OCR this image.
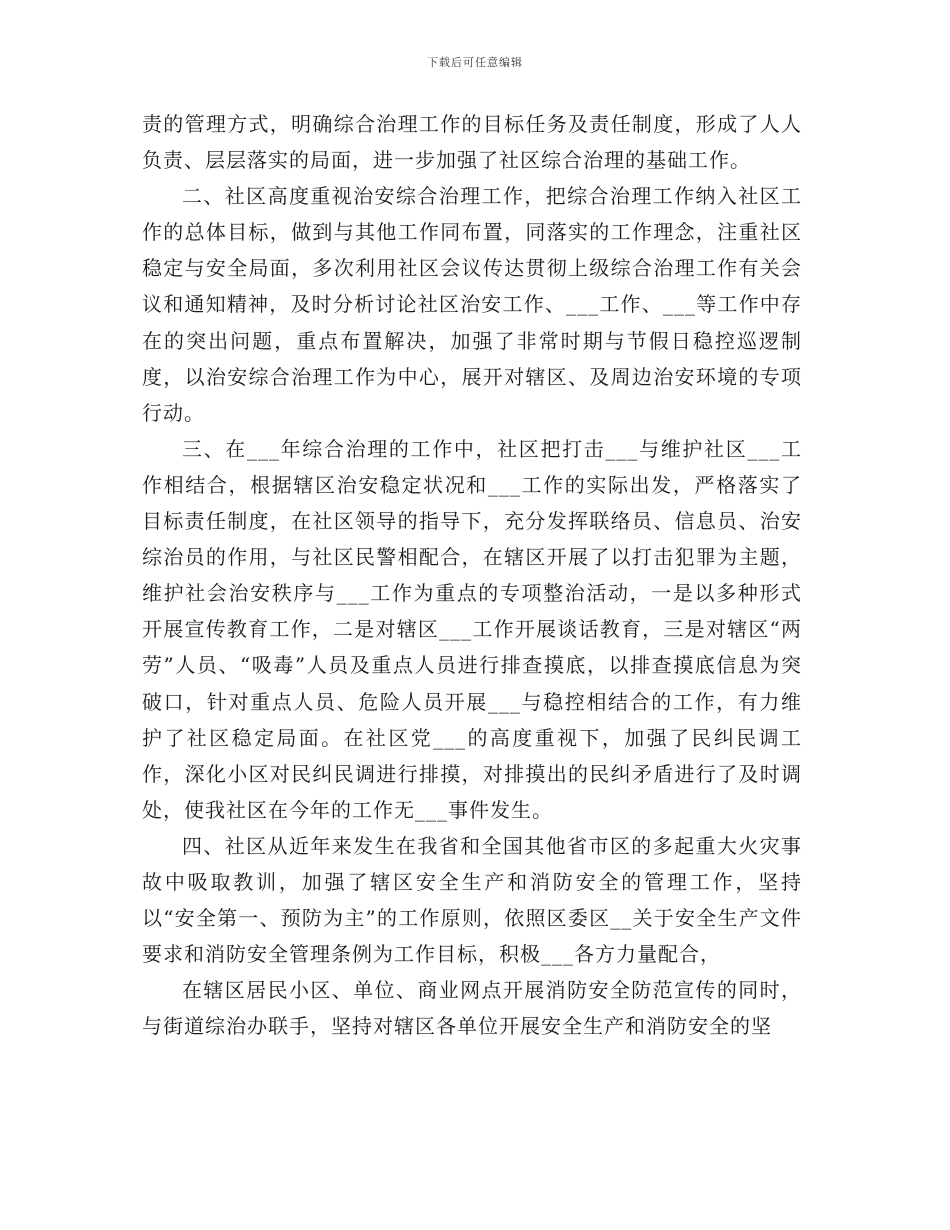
下载后可任意编辑

责的管理方式，明确综合治理工作的目标任务及责任制度，形成了人人负责、层层落实的局面，进一步加强了社区综合治理的基础工作。

二、社区高度重视治安综合治理工作，把综合治理工作纳入社区工作的总体目标，做到与其他工作同布置，同落实的工作理念，注重社区稳定与安全局面，多次利用社区会议传达贯彻上级综合治理工作有关会议和通知精神，及时分析讨论社区治安工作、___工作、___等工作中存在的突出问题，重点布置解决，加强了非常时期与节假日稳控巡逻制度，以治安综合治理工作为中心，展开对辖区、及周边治安环境的专项行动。

三、在___年综合治理的工作中，社区把打击___与维护社区___工作相结合，根据辖区治安稳定状况和___工作的实际出发，严格落实了目标责任制度，在社区领导的指导下，充分发挥联络员、信息员、治安综治员的作用，与社区民警相配合，在辖区开展了以打击犯罪为主题，维护社会治安秩序与___工作为重点的专项整治活动，一是以多种形式开展宣传教育工作，二是对辖区___工作开展谈话教育，三是对辖区“两劳”人员、“吸毒”人员及重点人员进行排查摸底，以排查摸底信息为突破口，针对重点人员、危险人员开展___与稳控相结合的工作，有力维护了社区稳定局面。在社区党___的高度重视下，加强了民纠民调工作，深化小区对民纠民调进行排摸，对排摸出的民纠矛盾进行了及时调处，使我社区在今年的工作无___事件发生。

四、社区从近年来发生在我省和全国其他省市区的多起重大火灾事故中吸取教训，加强了辖区安全生产和消防安全的管理工作，坚持以“安全第一、预防为主”的工作原则，依照区委区__关于安全生产文件要求和消防安全管理条例为工作目标，积极___各方力量配合，

在辖区居民小区、单位、商业网点开展消防安全防范宣传的同时，与街道综治办联手，坚持对辖区各单位开展安全生产和消防安全的坚
